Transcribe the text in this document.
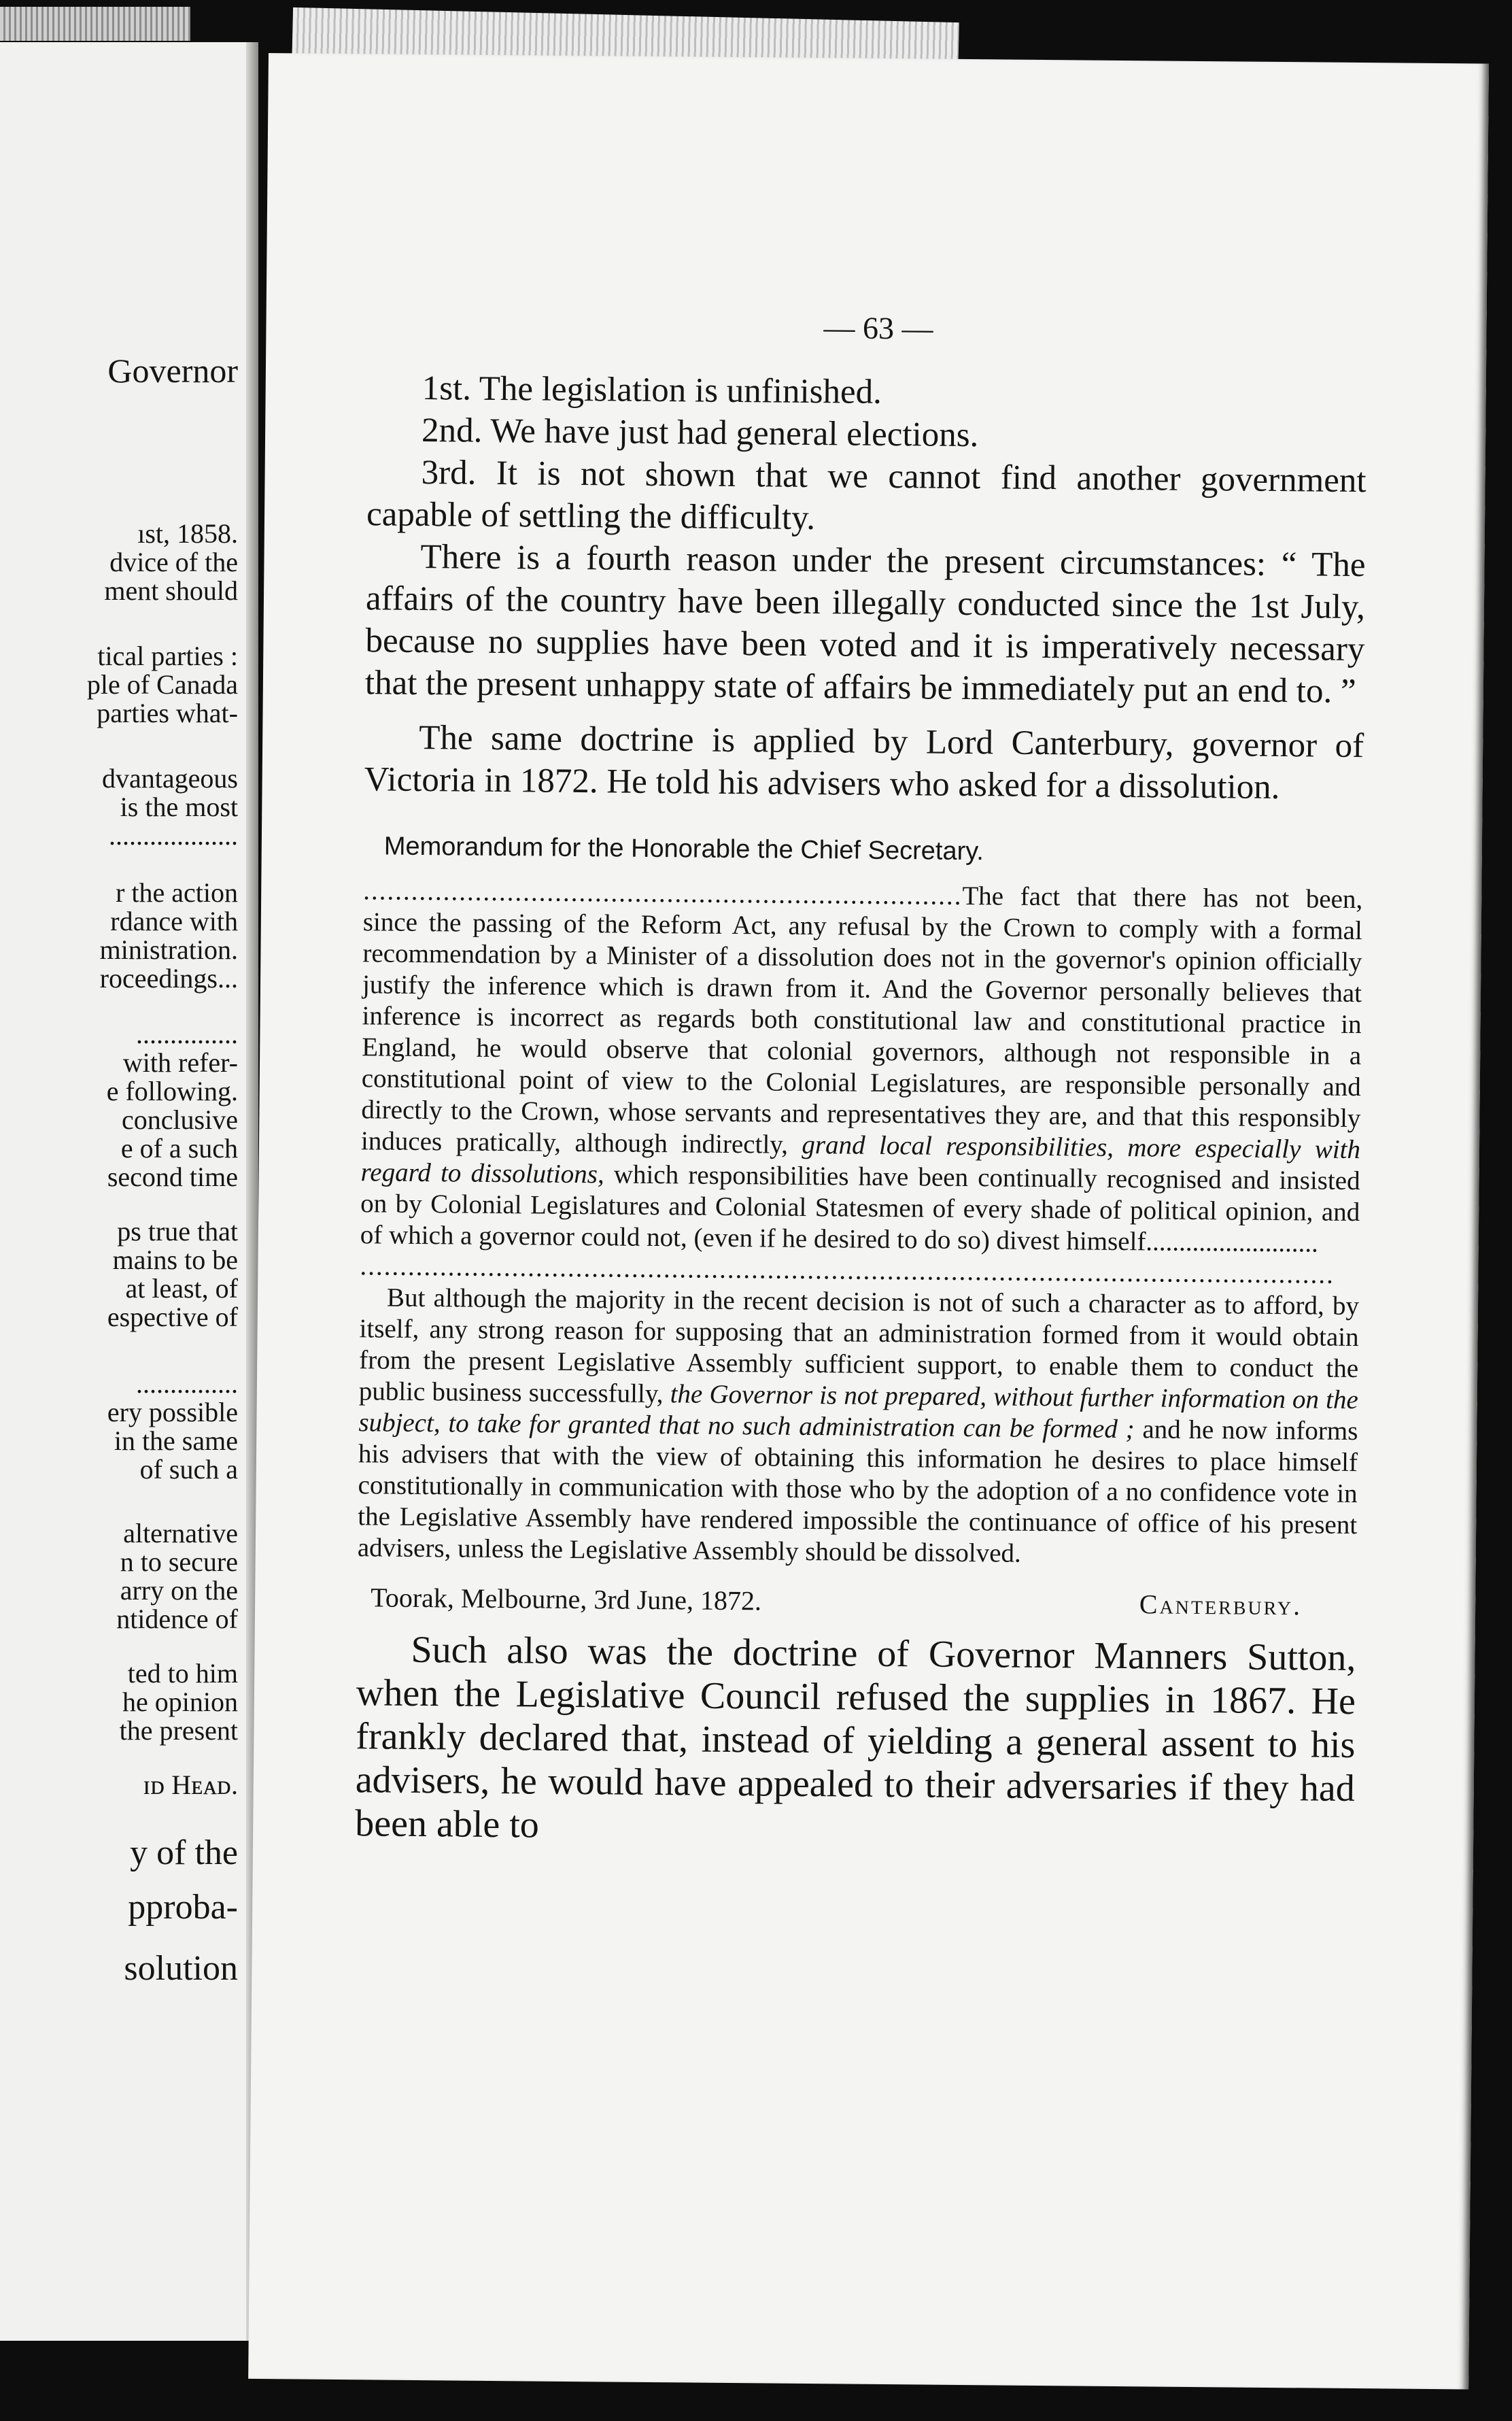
Governor
ıst, 1858.
dvice of the
ment should
tical parties :
ple of Canada
parties what-
dvantageous
is the most
...................
r the action
rdance with
ministration.
roceedings...
...............
with refer-
e following.
conclusive
e of a such
second time
ps true that
mains to be
at least, of
espective of
...............
ery possible
in the same
of such a
alternative
n to secure
arry on the
ntidence of
ted to him
he opinion
the present
ɪᴅ Hᴇᴀᴅ.
y of the
pproba-
solution
— 63 —

1st. The legislation is unfinished.

2nd. We have just had general elections.

3rd. It is not shown that we cannot find another government capable of settling the difficulty.

There is a fourth reason under the present circumstances: “ The affairs of the country have been illegally conducted since the 1st July, because no supplies have been voted and it is imperatively necessary that the present unhappy state of affairs be immediately put an end to. ”

The same doctrine is applied by Lord Canterbury, governor of Victoria in 1872. He told his advisers who asked for a dissolution.

Memorandum for the Honorable the Chief Secretary.

...........................................................................The fact that there has not been, since the passing of the Reform Act, any refusal by the Crown to comply with a formal recommendation by a Minister of a dissolution does not in the governor's opinion officially justify the inference which is drawn from it. And the Governor personally believes that inference is incorrect as regards both constitutional law and constitutional practice in England, he would observe that colonial governors, although not responsible in a constitutional point of view to the Colonial Legislatures, are responsible personally and directly to the Crown, whose servants and representatives they are, and that this responsibly induces pratically, although indirectly, grand local responsibilities, more especially with regard to dissolutions, which responsibilities have been continually recognised and insisted on by Colonial Legislatures and Colonial Statesmen of every shade of political opinion, and of which a governor could not, (even if he desired to do so) divest himself..........................

..........................................................................................................................

But although the majority in the recent decision is not of such a character as to afford, by itself, any strong reason for supposing that an administration formed from it would obtain from the present Legislative Assembly sufficient support, to enable them to conduct the public business successfully, the Governor is not prepared, without further information on the subject, to take for granted that no such administration can be formed ; and he now informs his advisers that with the view of obtaining this information he desires to place himself constitutionally in communication with those who by the adoption of a no confidence vote in the Legislative Assembly have rendered impossible the continuance of office of his present advisers, unless the Legislative Assembly should be dissolved.

Toorak, Melbourne, 3rd June, 1872.	Canterbury.

Such also was the doctrine of Governor Manners Sutton, when the Legislative Council refused the supplies in 1867. He frankly declared that, instead of yielding a general assent to his advisers, he would have appealed to their adversaries if they had been able to
